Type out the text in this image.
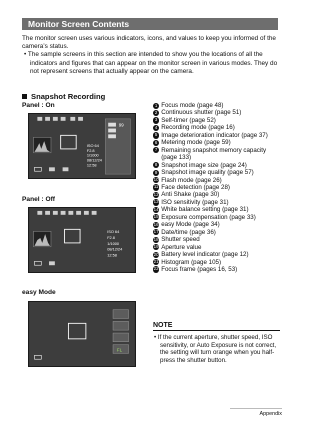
Monitor Screen Contents

The monitor screen uses various indicators, icons, and values to keep you informed of the camera’s status.

• The sample screens in this section are intended to show you the locations of all the indicators and figures that can appear on the monitor screen in various modes. They do not represent screens that actually appear on the camera.

Snapshot Recording
Panel : On
99
ISO 64
F2.8
1/1000
08/12/24
12:58
Panel : Off
ISO 64
F2.8
1/1000
08/12/24
12:58
easy Mode
FL
1 Focus mode (page 48)
2 Continuous shutter (page 51)
3 Self-timer (page 52)
4 Recording mode (page 16)
5 Image deterioration indicator (page 37)
6 Metering mode (page 59)
7 Remaining snapshot memory capacity (page 133)
8 Snapshot image size (page 24)
9 Snapshot image quality (page 57)
10 Flash mode (page 26)
11 Face detection (page 28)
12 Anti Shake (page 30)
13 ISO sensitivity (page 31)
14 White balance setting (page 31)
15 Exposure compensation (page 33)
16 easy Mode (page 34)
17 Date/time (page 36)
18 Shutter speed
19 Aperture value
20 Battery level indicator (page 12)
21 Histogram (page 105)
22 Focus frame (pages 16, 53)
NOTE
• If the current aperture, shutter speed, ISO sensitivity, or Auto Exposure is not correct, the setting will turn orange when you half-press the shutter button.
Appendix
